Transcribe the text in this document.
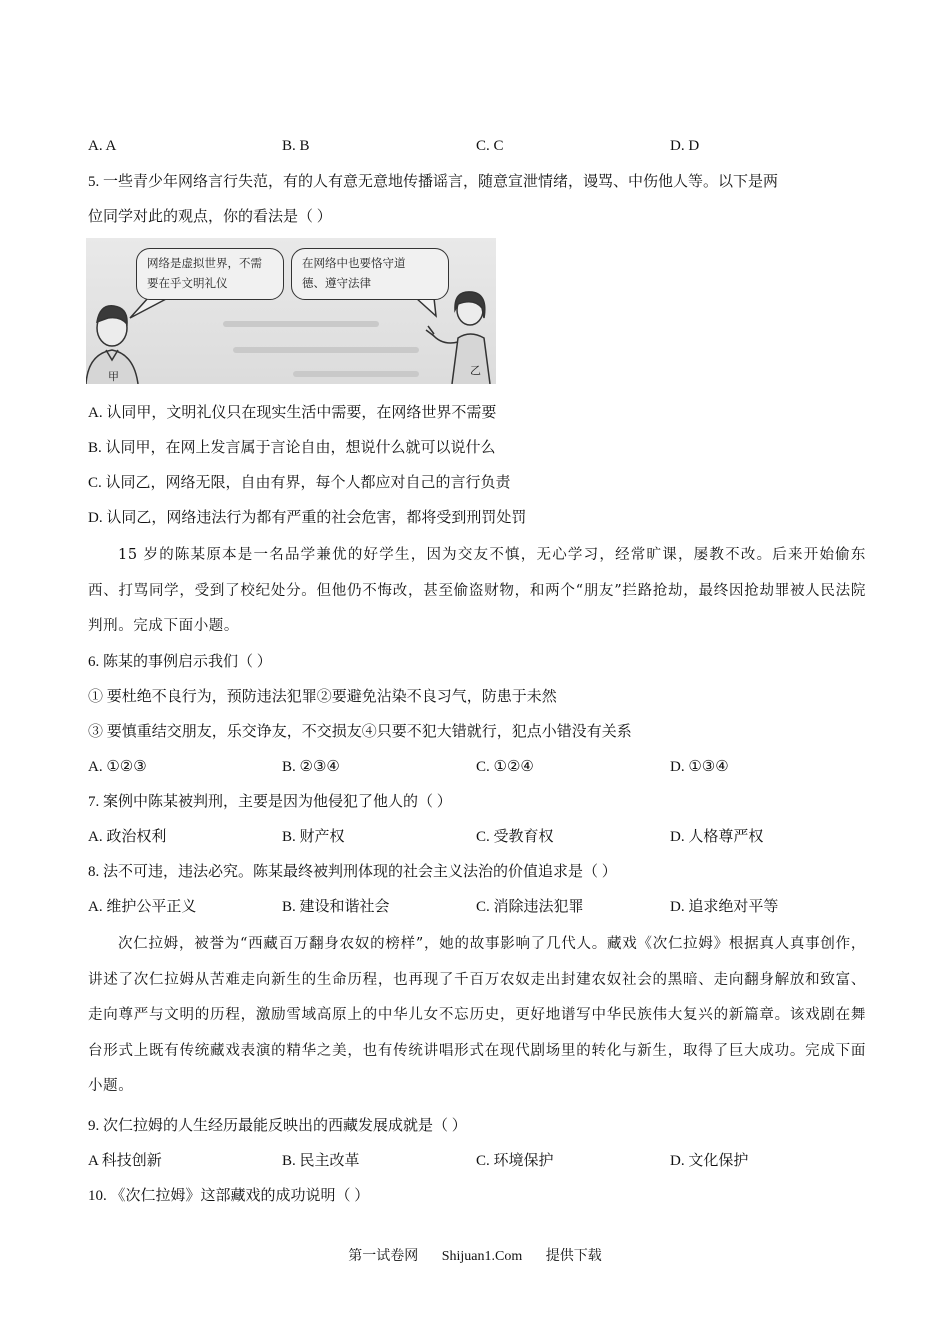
A. A	B. B	C. C	D. D
5. 一些青少年网络言行失范，有的人有意无意地传播谣言，随意宣泄情绪，谩骂、中伤他人等。以下是两
位同学对此的观点，你的看法是（ ）
网络是虚拟世界，不需
要在乎文明礼仪
在网络中也要恪守道
德、遵守法律
甲	乙
A. 认同甲，文明礼仪只在现实生活中需要，在网络世界不需要
B. 认同甲，在网上发言属于言论自由，想说什么就可以说什么
C. 认同乙，网络无限，自由有界，每个人都应对自己的言行负责
D. 认同乙，网络违法行为都有严重的社会危害，都将受到刑罚处罚
15 岁的陈某原本是一名品学兼优的好学生，因为交友不慎，无心学习，经常旷课，屡教不改。后来开始偷东西、打骂同学，受到了校纪处分。但他仍不悔改，甚至偷盗财物，和两个“朋友”拦路抢劫，最终因抢劫罪被人民法院判刑。完成下面小题。
6. 陈某的事例启示我们（ ）
① 要杜绝不良行为，预防违法犯罪②要避免沾染不良习气，防患于未然
③ 要慎重结交朋友，乐交诤友，不交损友④只要不犯大错就行，犯点小错没有关系
A. ①②③	B. ②③④	C. ①②④	D. ①③④
7. 案例中陈某被判刑，主要是因为他侵犯了他人的（ ）
A. 政治权利	B. 财产权	C. 受教育权	D. 人格尊严权
8. 法不可违，违法必究。陈某最终被判刑体现的社会主义法治的价值追求是（ ）
A. 维护公平正义	B. 建设和谐社会	C. 消除违法犯罪	D. 追求绝对平等
次仁拉姆，被誉为“西藏百万翻身农奴的榜样”，她的故事影响了几代人。藏戏《次仁拉姆》根据真人真事创作，讲述了次仁拉姆从苦难走向新生的生命历程，也再现了千百万农奴走出封建农奴社会的黑暗、走向翻身解放和致富、走向尊严与文明的历程，激励雪域高原上的中华儿女不忘历史，更好地谱写中华民族伟大复兴的新篇章。该戏剧在舞台形式上既有传统藏戏表演的精华之美，也有传统讲唱形式在现代剧场里的转化与新生，取得了巨大成功。完成下面小题。
9. 次仁拉姆的人生经历最能反映出的西藏发展成就是（ ）
A 科技创新	B. 民主改革	C. 环境保护	D. 文化保护
10. 《次仁拉姆》这部藏戏的成功说明（ ）
第一试卷网 Shijuan1.Com 提供下载
